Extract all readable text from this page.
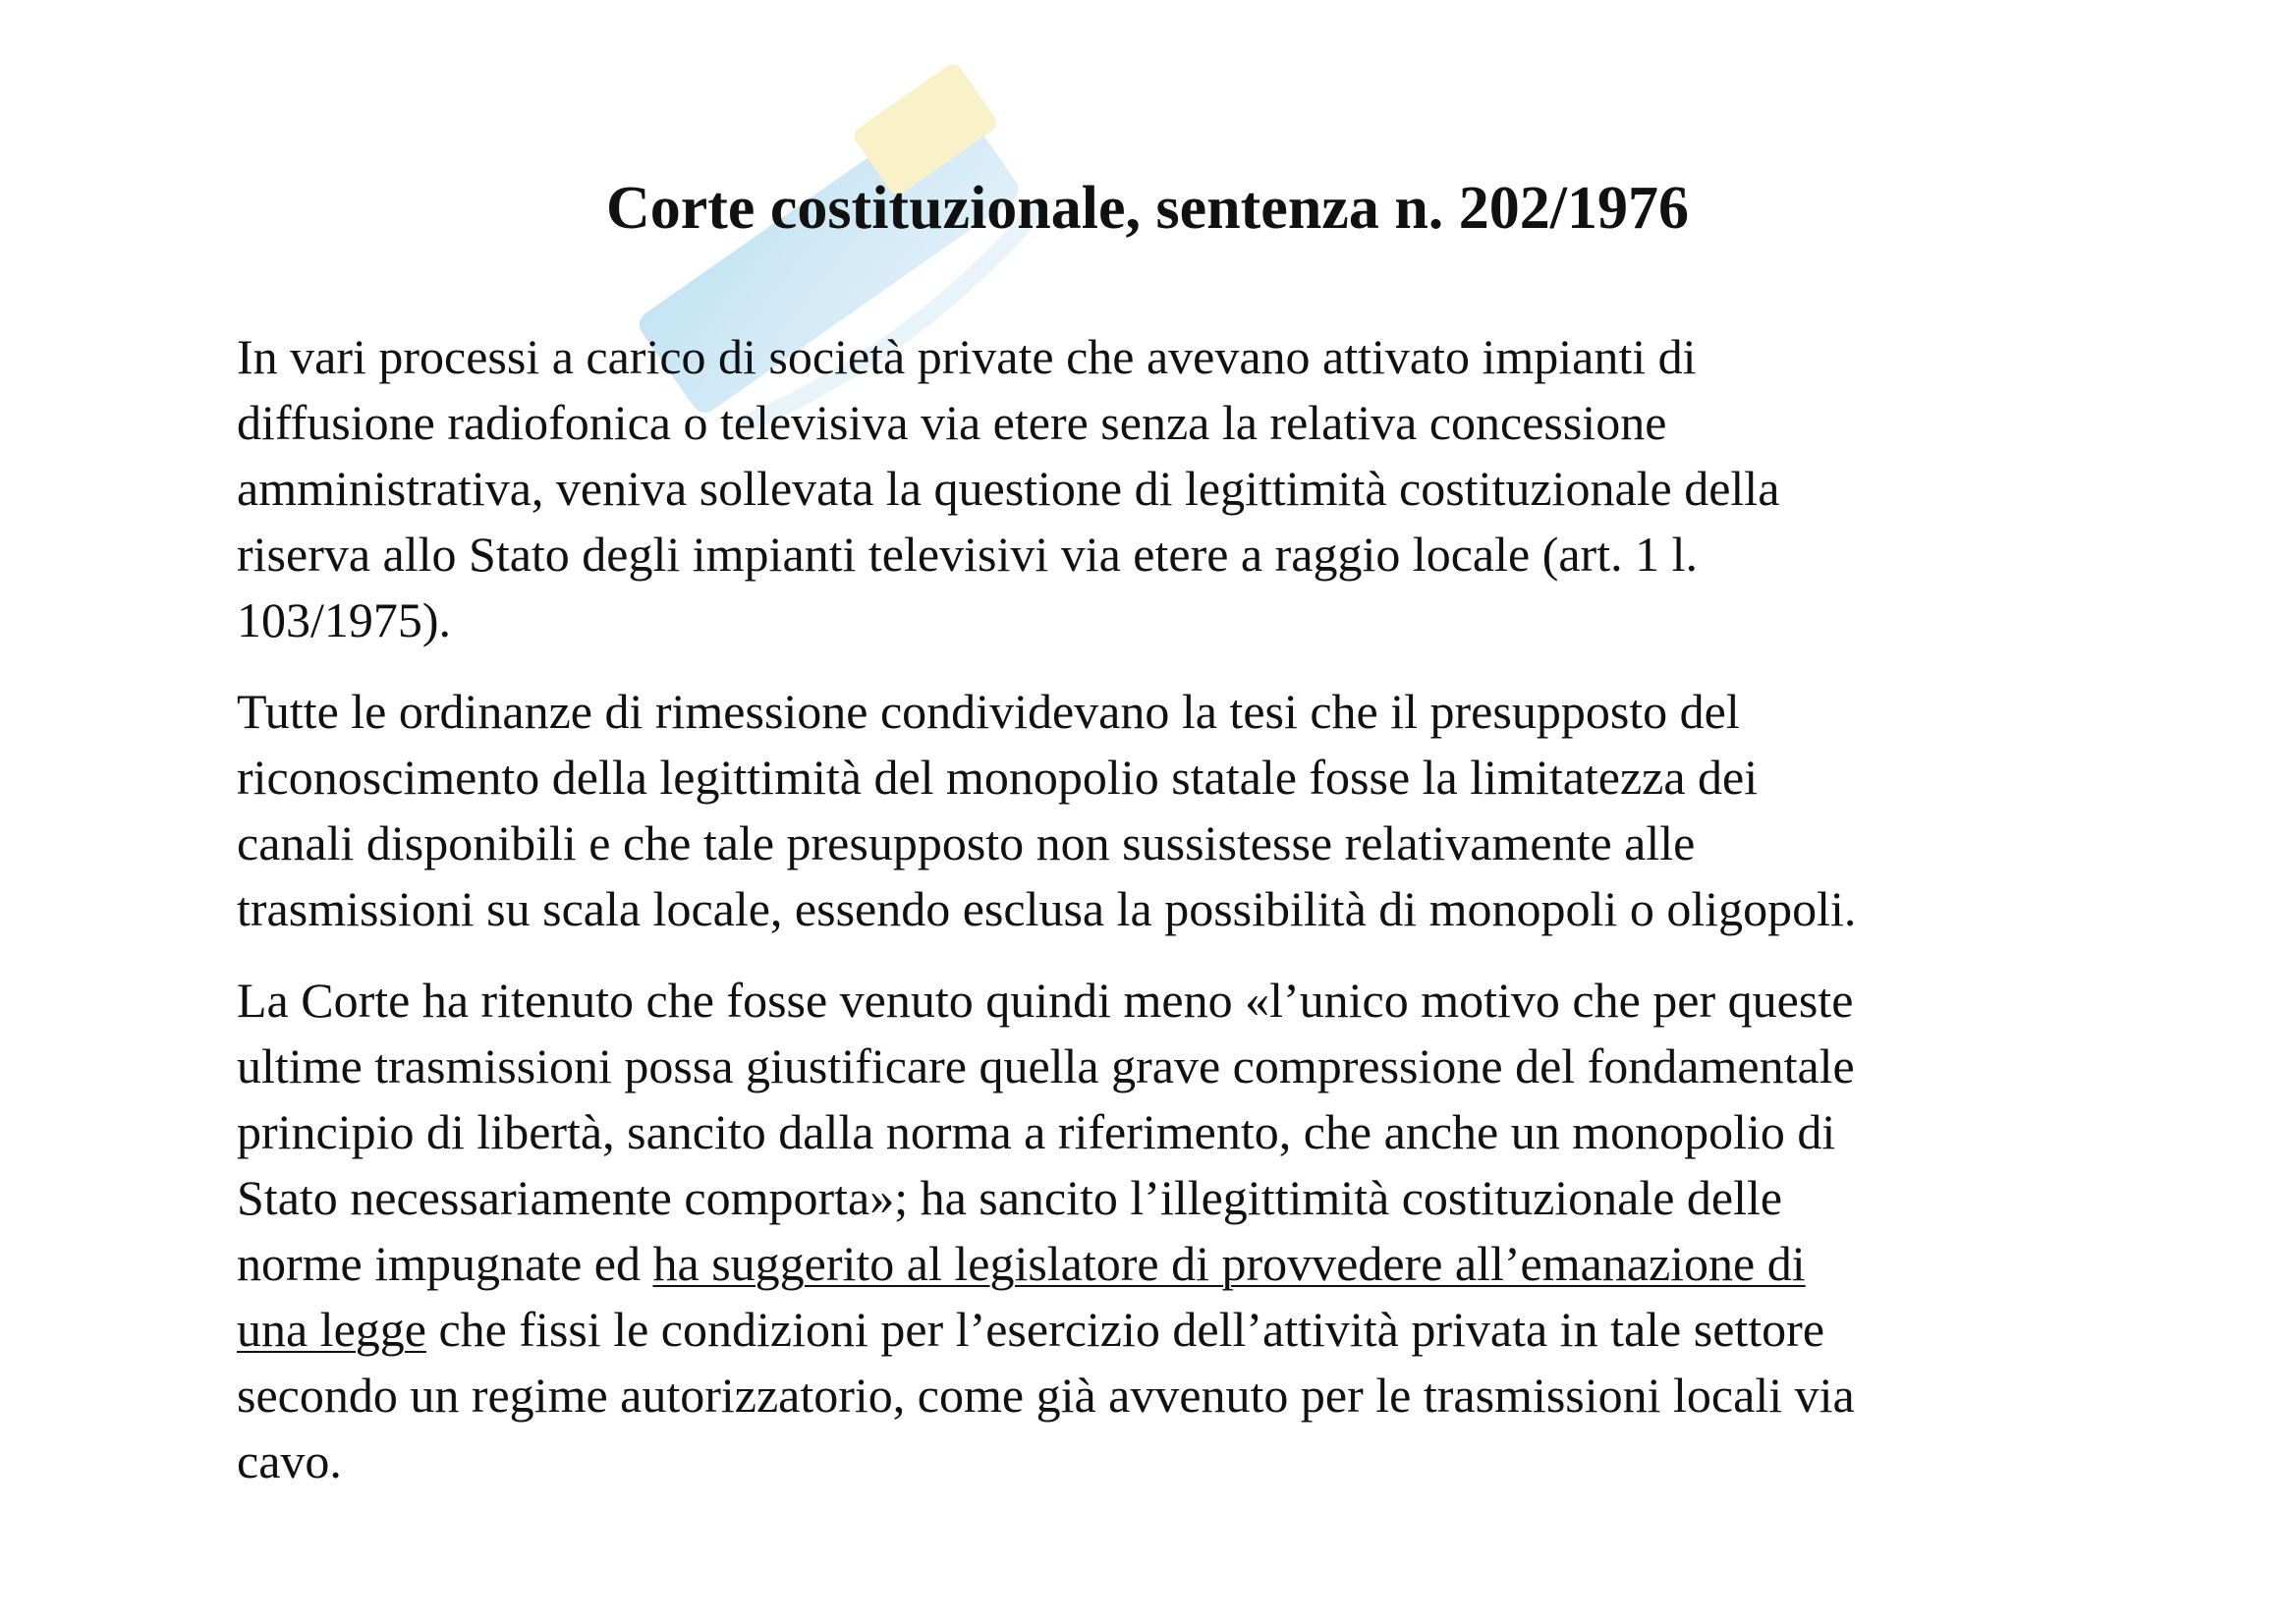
Corte costituzionale, sentenza n. 202/1976

In vari processi a carico di società private che avevano attivato impianti di
diffusione radiofonica o televisiva via etere senza la relativa concessione
amministrativa, veniva sollevata la questione di legittimità costituzionale della
riserva allo Stato degli impianti televisivi via etere a raggio locale (art. 1 l.
103/1975).

Tutte le ordinanze di rimessione condividevano la tesi che il presupposto del
riconoscimento della legittimità del monopolio statale fosse la limitatezza dei
canali disponibili e che tale presupposto non sussistesse relativamente alle
trasmissioni su scala locale, essendo esclusa la possibilità di monopoli o oligopoli.

La Corte ha ritenuto che fosse venuto quindi meno «l’unico motivo che per queste
ultime trasmissioni possa giustificare quella grave compressione del fondamentale
principio di libertà, sancito dalla norma a riferimento, che anche un monopolio di
Stato necessariamente comporta»; ha sancito l’illegittimità costituzionale delle
norme impugnate ed ha suggerito al legislatore di provvedere all’emanazione di
una legge che fissi le condizioni per l’esercizio dell’attività privata in tale settore
secondo un regime autorizzatorio, come già avvenuto per le trasmissioni locali via
cavo.
